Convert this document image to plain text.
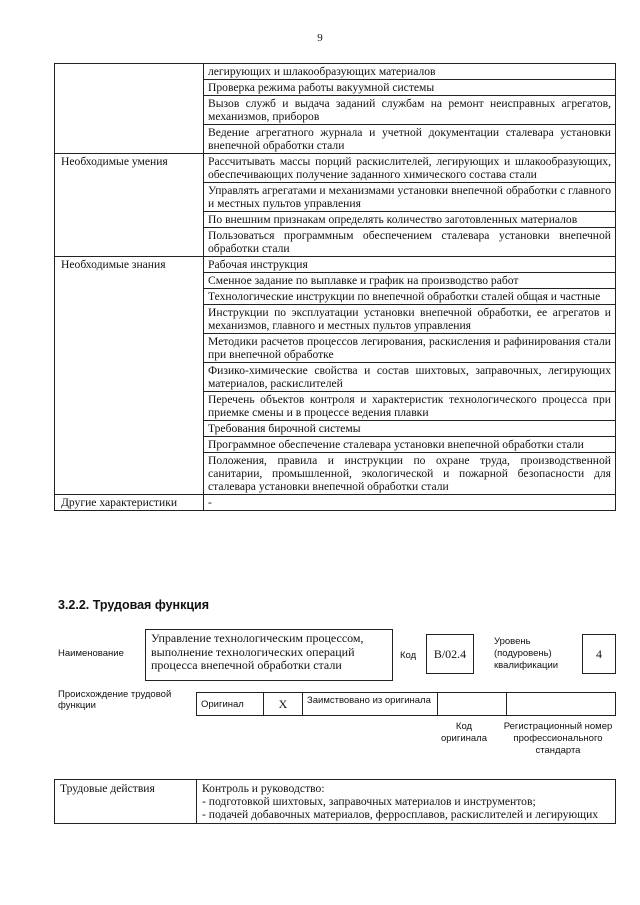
9
	легирующих и шлакообразующих материалов
	Проверка режима работы вакуумной системы
	Вызов служб и выдача заданий службам на ремонт неисправных агрегатов, механизмов, приборов
	Ведение агрегатного журнала и учетной документации сталевара установки внепечной обработки стали
Необходимые умения	Рассчитывать массы порций раскислителей, легирующих и шлакообразующих, обеспечивающих получение заданного химического состава стали
	Управлять агрегатами и механизмами установки внепечной обработки с главного и местных пультов управления
	По внешним признакам определять количество заготовленных материалов
	Пользоваться программным обеспечением сталевара установки внепечной обработки стали
Необходимые знания	Рабочая инструкция
	Сменное задание по выплавке и график на производство работ
	Технологические инструкции по внепечной обработки сталей общая и частные
	Инструкции по эксплуатации установки внепечной обработки, ее агрегатов и механизмов, главного и местных пультов управления
	Методики расчетов процессов легирования, раскисления и рафинирования стали при внепечной обработке
	Физико-химические свойства и состав шихтовых, заправочных, легирующих материалов, раскислителей
	Перечень объектов контроля и характеристик технологического процесса при приемке смены и в процессе ведения плавки
	Требования бирочной системы
	Программное обеспечение сталевара установки внепечной обработки стали
	Положения, правила и инструкции по охране труда, производственной санитарии, промышленной, экологической и пожарной безопасности для сталевара установки внепечной обработки стали
Другие характеристики	-
3.2.2. Трудовая функция
Наименование
Управление технологическим процессом, выполнение технологических операций процесса внепечной обработки стали
Код	B/02.4
Уровень (подуровень) квалификации
4
Происхождение трудовой функции	Оригинал	X	Заимствовано из оригинала		
Код оригинала
Регистрационный номер профессионального стандарта
Трудовые действия	Контроль и руководство:
- подготовкой шихтовых, заправочных материалов и инструментов;
- подачей добавочных материалов, ферросплавов, раскислителей и легирующих
